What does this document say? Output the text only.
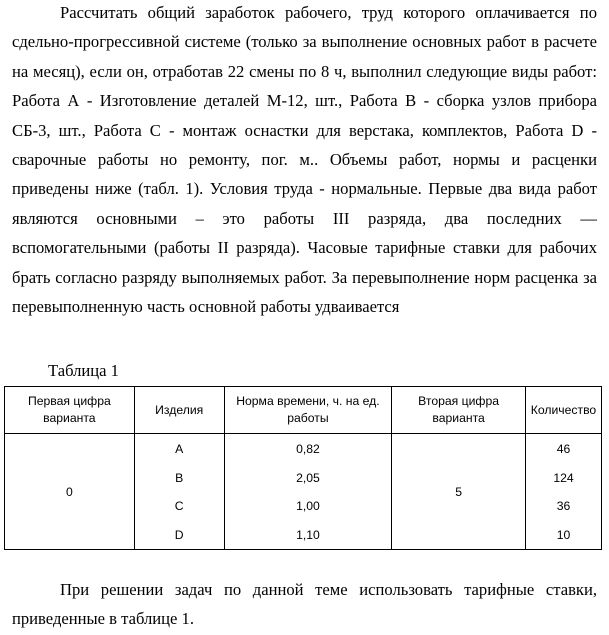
Рассчитать общий заработок рабочего, труд которого оплачивается по сдельно-прогрессивной системе (только за выполнение основных работ в расчете на месяц), если он, отработав 22 смены по 8 ч, выполнил следующие виды работ: Работа А - Изготовление деталей М-12, шт., Работа В - сборка узлов прибора СБ-3, шт., Работа С - монтаж оснастки для верстака, комплектов, Работа D - сварочные работы но ремонту, пог. м.. Объемы работ, нормы и расценки приведены ниже (табл. 1). Условия труда - нормальные. Первые два вида работ являются основными – это работы III разряда, два последних — вспомогательными (работы II разряда). Часовые тарифные ставки для рабочих брать согласно разряду выполняемых работ. За перевыполнение норм расценка за перевыполненную часть основной работы удваивается

Таблица 1

Первая цифра варианта	Изделия	Норма времени, ч. на ед. работы	Вторая цифра варианта	Количество
0	A	0,82	5	46
	B	2,05		124
	C	1,00		36
	D	1,10		10

При решении задач по данной теме использовать тарифные ставки, приведенные в таблице 1.
